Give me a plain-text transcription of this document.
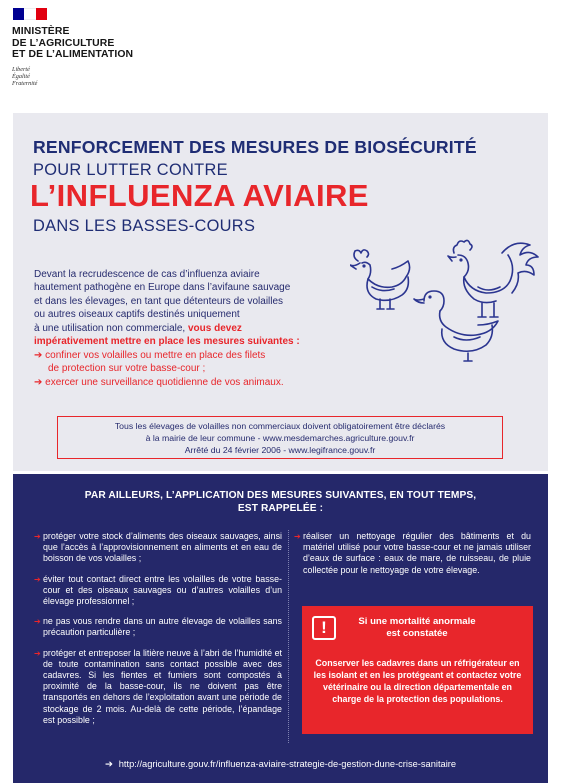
MINISTÈRE
DE L’AGRICULTURE
ET DE L’ALIMENTATION
Liberté
Égalité
Fraternité
RENFORCEMENT DES MESURES DE BIOSÉCURITÉ
POUR LUTTER CONTRE
L’INFLUENZA AVIAIRE
DANS LES BASSES-COURS
Devant la recrudescence de cas d’influenza aviaire
hautement pathogène en Europe dans l’avifaune sauvage
et dans les élevages, en tant que détenteurs de volailles
ou autres oiseaux captifs destinés uniquement
à une utilisation non commerciale, vous devez
impérativement mettre en place les mesures suivantes :
➔ confiner vos volailles ou mettre en place des filets
de protection sur votre basse-cour ;
➔ exercer une surveillance quotidienne de vos animaux.
Tous les élevages de volailles non commerciaux doivent obligatoirement être déclarés
à la mairie de leur commune - www.mesdemarches.agriculture.gouv.fr
Arrêté du 24 février 2006 - www.legifrance.gouv.fr
PAR AILLEURS, L’APPLICATION DES MESURES SUIVANTES, EN TOUT TEMPS,
EST RAPPELÉE :
➔ protéger votre stock d’aliments des oiseaux sauvages, ainsi que l’accès à l’approvisionnement en aliments et en eau de boisson de vos volailles ;
➔ éviter tout contact direct entre les volailles de votre basse-cour et des oiseaux sauvages ou d’autres volailles d’un élevage professionnel ;
➔ ne pas vous rendre dans un autre élevage de volailles sans précaution particulière ;
➔ protéger et entreposer la litière neuve à l’abri de l’humidité et de toute contamination sans contact possible avec des cadavres. Si les fientes et fumiers sont compostés à proximité de la basse-cour, ils ne doivent pas être transportés en dehors de l’exploitation avant une période de stockage de 2 mois. Au-delà de cette période, l’épandage est possible ;
➔ réaliser un nettoyage régulier des bâtiments et du matériel utilisé pour votre basse-cour et ne jamais utiliser d’eaux de surface : eaux de mare, de ruisseau, de pluie collectée pour le nettoyage de votre élevage.
!	Si une mortalité anormale
est constatée
Conserver les cadavres dans un réfrigérateur en les isolant et en les protégeant et contactez votre vétérinaire ou la direction départementale en charge de la protection des populations.
➔ http://agriculture.gouv.fr/influenza-aviaire-strategie-de-gestion-dune-crise-sanitaire
